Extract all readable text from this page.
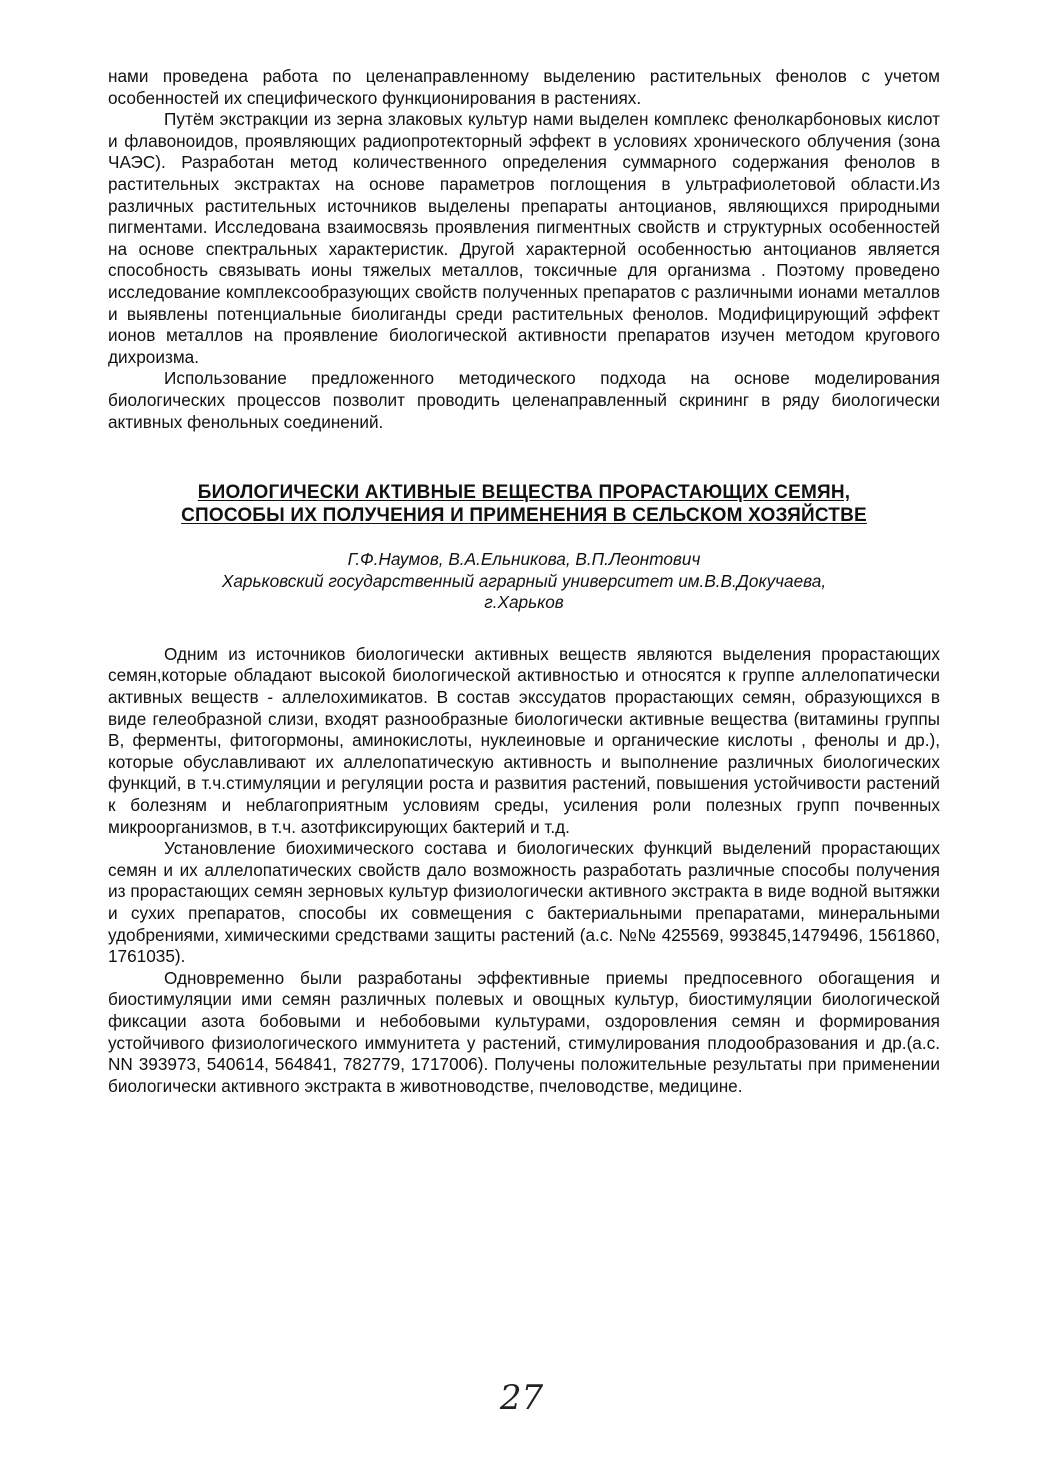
нами проведена работа по целенаправленному выделению растительных фенолов с учетом особенностей их специфического функционирования в растениях.

Путём экстракции из зерна злаковых культур нами выделен комплекс фенолкарбоновых кислот и флавоноидов, проявляющих радиопротекторный эффект в условиях хронического облучения (зона ЧАЭС). Разработан метод количественного определения суммарного содержания фенолов в растительных экстрактах на основе параметров поглощения в ультрафиолетовой области.Из различных растительных источников выделены препараты антоцианов, являющихся природными пигментами. Исследована взаимосвязь проявления пигментных свойств и структурных особенностей на основе спектральных характеристик. Другой характерной особенностью антоцианов является способность связывать ионы тяжелых металлов, токсичные для организма . Поэтому проведено исследование комплексообразующих свойств полученных препаратов с различными ионами металлов и выявлены потенциальные биолиганды среди растительных фенолов. Модифицирующий эффект ионов металлов на проявление биологической активности препаратов изучен методом кругового дихроизма.

Использование предложенного методического подхода на основе моделирования биологических процессов позволит проводить целенаправленный скрининг в ряду биологически активных фенольных соединений.

БИОЛОГИЧЕСКИ АКТИВНЫЕ ВЕЩЕСТВА ПРОРАСТАЮЩИХ СЕМЯН,

СПОСОБЫ ИХ ПОЛУЧЕНИЯ И ПРИМЕНЕНИЯ В СЕЛЬСКОМ ХОЗЯЙСТВЕ

Г.Ф.Наумов, В.А.Ельникова, В.П.Леонтович
Харьковский государственный аграрный университет им.В.В.Докучаева,
г.Харьков

Одним из источников биологически активных веществ являются выделения прорастающих семян,которые обладают высокой биологической активностью и относятся к группе аллелопатически активных веществ - аллелохимикатов. В состав экссудатов прорастающих семян, образующихся в виде гелеобразной слизи, входят разнообразные биологически активные вещества (витамины группы В, ферменты, фитогормоны, аминокислоты, нуклеиновые и органические кислоты , фенолы и др.), которые обуславливают их аллелопатическую активность и выполнение различных биологических функций, в т.ч.стимуляции и регуляции роста и развития растений, повышения устойчивости растений к болезням и неблагоприятным условиям среды, усиления роли полезных групп почвенных микроорганизмов, в т.ч. азотфиксирующих бактерий и т.д.

Установление биохимического состава и биологических функций выделений прорастающих семян и их аллелопатических свойств дало возможность разработать различные способы получения из прорастающих семян зерновых культур физиологически активного экстракта в виде водной вытяжки и сухих препаратов, способы их совмещения с бактериальными препаратами, минеральными удобрениями, химическими средствами защиты растений (а.с. №№ 425569, 993845,1479496, 1561860, 1761035).

Одновременно были разработаны эффективные приемы предпосевного обогащения и биостимуляции ими семян различных полевых и овощных культур, биостимуляции биологической фиксации азота бобовыми и небобовыми культурами, оздоровления семян и формирования устойчивого физиологического иммунитета у растений, стимулирования плодообразования и др.(а.с. NN 393973, 540614, 564841, 782779, 1717006). Получены положительные результаты при применении биологически активного экстракта в животноводстве, пчеловодстве, медицине.

27
